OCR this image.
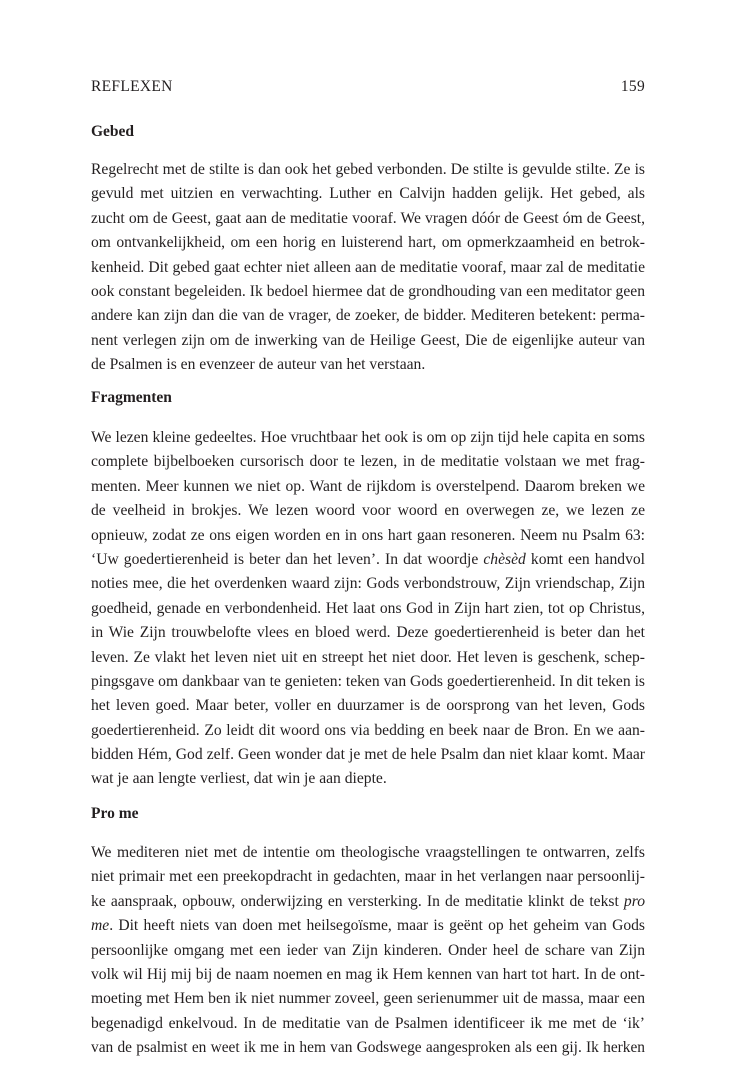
REFLEXEN	159
Gebed
Regelrecht met de stilte is dan ook het gebed verbonden. De stilte is gevulde stilte. Ze is
gevuld met uitzien en verwachting. Luther en Calvijn hadden gelijk. Het gebed, als
zucht om de Geest, gaat aan de meditatie vooraf. We vragen dóór de Geest óm de Geest,
om ontvankelijkheid, om een horig en luisterend hart, om opmerkzaamheid en betrok-
kenheid. Dit gebed gaat echter niet alleen aan de meditatie vooraf, maar zal de meditatie
ook constant begeleiden. Ik bedoel hiermee dat de grondhouding van een meditator geen
andere kan zijn dan die van de vrager, de zoeker, de bidder. Mediteren betekent: perma-
nent verlegen zijn om de inwerking van de Heilige Geest, Die de eigenlijke auteur van
de Psalmen is en evenzeer de auteur van het verstaan.
Fragmenten
We lezen kleine gedeeltes. Hoe vruchtbaar het ook is om op zijn tijd hele capita en soms
complete bijbelboeken cursorisch door te lezen, in de meditatie volstaan we met frag-
menten. Meer kunnen we niet op. Want de rijkdom is overstelpend. Daarom breken we
de veelheid in brokjes. We lezen woord voor woord en overwegen ze, we lezen ze
opnieuw, zodat ze ons eigen worden en in ons hart gaan resoneren. Neem nu Psalm 63:
‘Uw goedertierenheid is beter dan het leven’. In dat woordje chèsèd komt een handvol
noties mee, die het overdenken waard zijn: Gods verbondstrouw, Zijn vriendschap, Zijn
goedheid, genade en verbondenheid. Het laat ons God in Zijn hart zien, tot op Christus,
in Wie Zijn trouwbelofte vlees en bloed werd. Deze goedertierenheid is beter dan het
leven. Ze vlakt het leven niet uit en streept het niet door. Het leven is geschenk, schep-
pingsgave om dankbaar van te genieten: teken van Gods goedertierenheid. In dit teken is
het leven goed. Maar beter, voller en duurzamer is de oorsprong van het leven, Gods
goedertierenheid. Zo leidt dit woord ons via bedding en beek naar de Bron. En we aan-
bidden Hém, God zelf. Geen wonder dat je met de hele Psalm dan niet klaar komt. Maar
wat je aan lengte verliest, dat win je aan diepte.
Pro me
We mediteren niet met de intentie om theologische vraagstellingen te ontwarren, zelfs
niet primair met een preekopdracht in gedachten, maar in het verlangen naar persoonlij-
ke aanspraak, opbouw, onderwijzing en versterking. In de meditatie klinkt de tekst pro
me. Dit heeft niets van doen met heilsegoïsme, maar is geënt op het geheim van Gods
persoonlijke omgang met een ieder van Zijn kinderen. Onder heel de schare van Zijn
volk wil Hij mij bij de naam noemen en mag ik Hem kennen van hart tot hart. In de ont-
moeting met Hem ben ik niet nummer zoveel, geen serienummer uit de massa, maar een
begenadigd enkelvoud. In de meditatie van de Psalmen identificeer ik me met de ‘ik’
van de psalmist en weet ik me in hem van Godswege aangesproken als een gij. Ik herken
